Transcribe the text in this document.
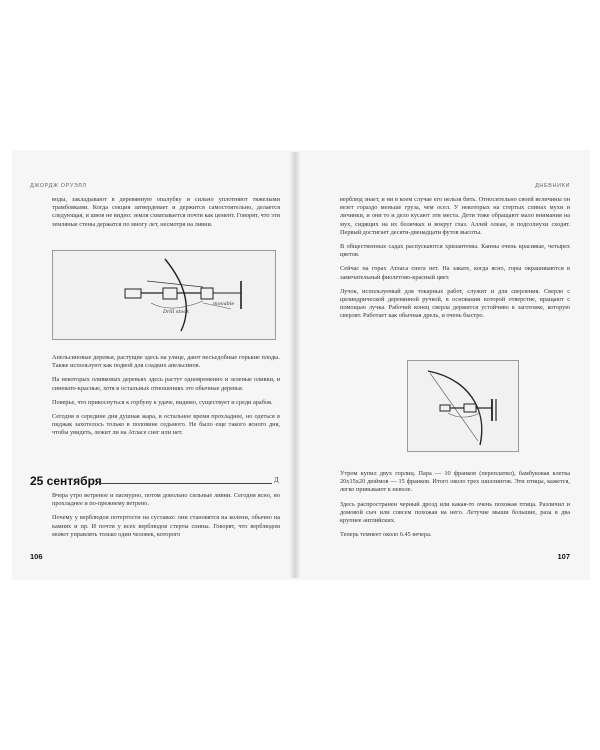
ДЖОРДЖ ОРУЭЛЛ

воды, закладывают в деревянную опалубку и сильно уплотняют тяжелыми трамбовками. Когда секция затвердевает и держится самостоятельно, делается следующая, и швов не видно: земля схватывается почти как цемент. Говорят, что эти земляные стены держатся по многу лет, несмотря на ливни.

Drill stock
movable

Апельсиновые деревья, растущие здесь на улице, дают несъедобные горькие плоды. Также используют как подвой для сладких апельсинов.

На некоторых оливковых деревьях здесь растут одновременно и зеленые оливки, и синевато-красные, хотя в остальных отношениях это обычные деревья.

Поверье, что прикоснуться к горбуну к удаче, видимо, существует и среди арабов.

Сегодня в середине дня душная жара, в остальное время прохладнее, но одеться в пиджак захотелось только в половине седьмого. Не было еще такого ясного дня, чтобы увидеть, лежит ли на Атласе снег или нет.

25 сентября	Д

Вчера утро ветреное и пасмурно, потом довольно сильные ливни. Сегодня ясно, но прохладнее и по-прежнему ветрено.

Почему у верблюдов потертости на суставах: они становятся на колени, обычно на камнях и пр. И почти у всех верблюдов стерты спины. Говорят, что верблюдом может управлять только один человек, которого

106
ДНЕВНИКИ

верблюд знает, и ни в коем случае его нельзя бить. Относительно своей величины он везет гораздо меньше груза, чем осел. У некоторых на стертых спинах мухи и личинки, и они то и дело кусают эти места. Дети тоже обращают мало внимания на мух, сидящих на их болячках и вокруг глаз. Аллей олеан, и подсолнухи сходят. Первый достигает десяти-двенадцати футов высоты.

В общественных садах распускаются хризантемы. Канны очень красивые, четырех цветов.

Сейчас на горах Атласа снега нет. На закате, когда ясно, горы окрашиваются в замечательный фиолетово-красный цвет.

Лучок, используемый для токарных работ, служит и для сверления. Сверло с цилиндрической деревянной ручкой, в основании которой отверстие, вращают с помощью лучка. Рабочий конец сверла держится устойчиво в заготовке, которую сверлят. Работает как обычная дрель, и очень быстро.

Утром купил двух горлиц. Пара — 10 франков (переплатил), бамбуковая клетка 20х15х20 дюймов — 15 франков. Итого около трех шиллингов. Эти птицы, кажется, легко привыкают к неволе.

Здесь распространен черный дрозд или какая-то очень похожая птица. Различил и домовой сыч или совсем похожая на него. Летучие мыши большие, раза в два крупнее английских.

Теперь темнеет около 6.45 вечера.

107
